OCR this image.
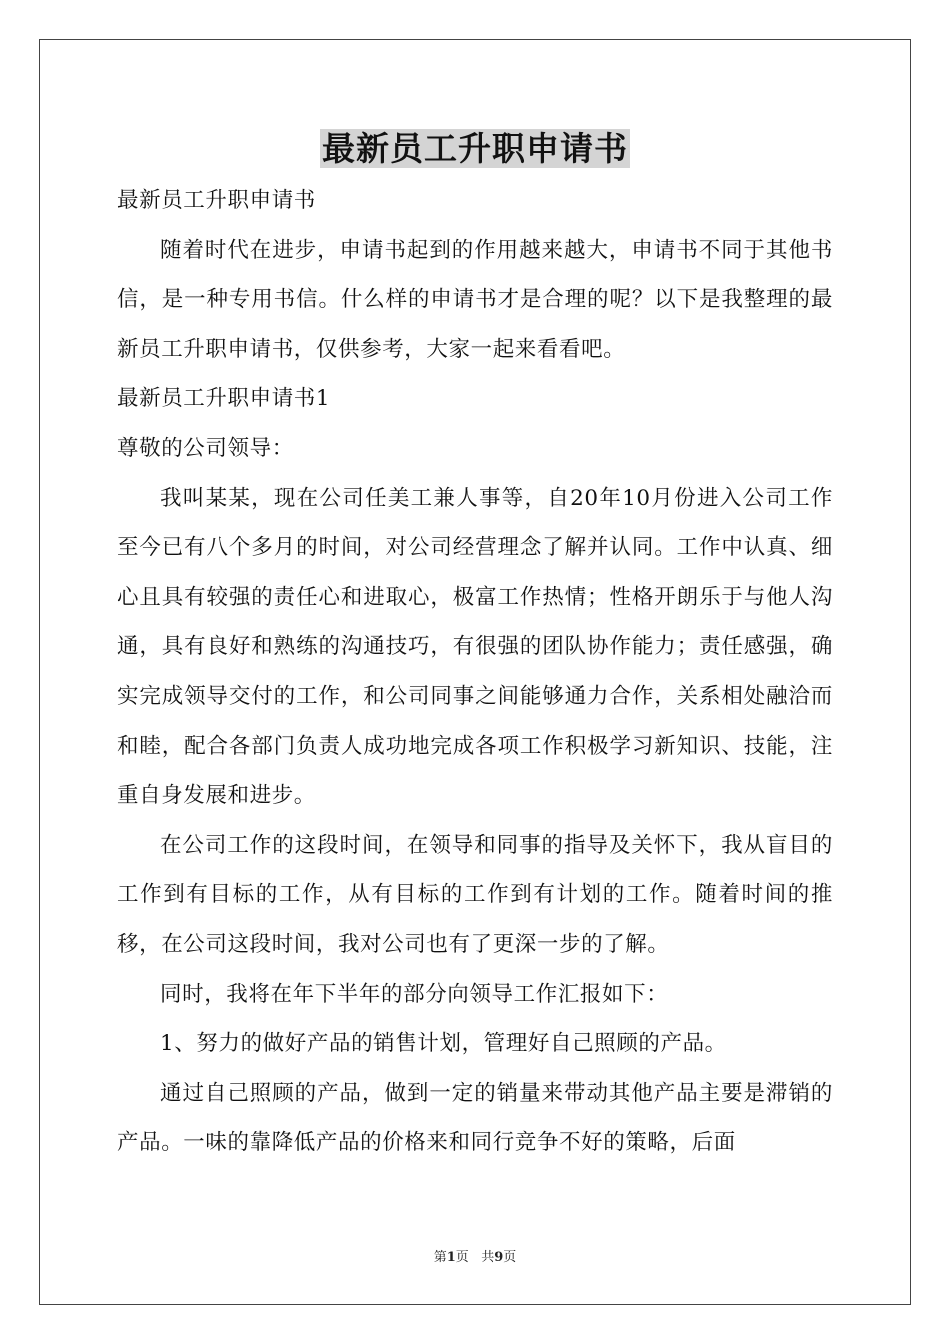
最新员工升职申请书

最新员工升职申请书

随着时代在进步，申请书起到的作用越来越大，申请书不同于其他书信，是一种专用书信。什么样的申请书才是合理的呢？以下是我整理的最新员工升职申请书，仅供参考，大家一起来看看吧。

最新员工升职申请书1

尊敬的公司领导：

我叫某某，现在公司任美工兼人事等，自20年10月份进入公司工作至今已有八个多月的时间，对公司经营理念了解并认同。工作中认真、细心且具有较强的责任心和进取心，极富工作热情；性格开朗乐于与他人沟通，具有良好和熟练的沟通技巧，有很强的团队协作能力；责任感强，确实完成领导交付的工作，和公司同事之间能够通力合作，关系相处融洽而和睦，配合各部门负责人成功地完成各项工作积极学习新知识、技能，注重自身发展和进步。

在公司工作的这段时间，在领导和同事的指导及关怀下，我从盲目的工作到有目标的工作，从有目标的工作到有计划的工作。随着时间的推移，在公司这段时间，我对公司也有了更深一步的了解。

同时，我将在年下半年的部分向领导工作汇报如下：

1、努力的做好产品的销售计划，管理好自己照顾的产品。

通过自己照顾的产品，做到一定的销量来带动其他产品主要是滞销的产品。一味的靠降低产品的价格来和同行竞争不好的策略，后面

第1页 共9页
